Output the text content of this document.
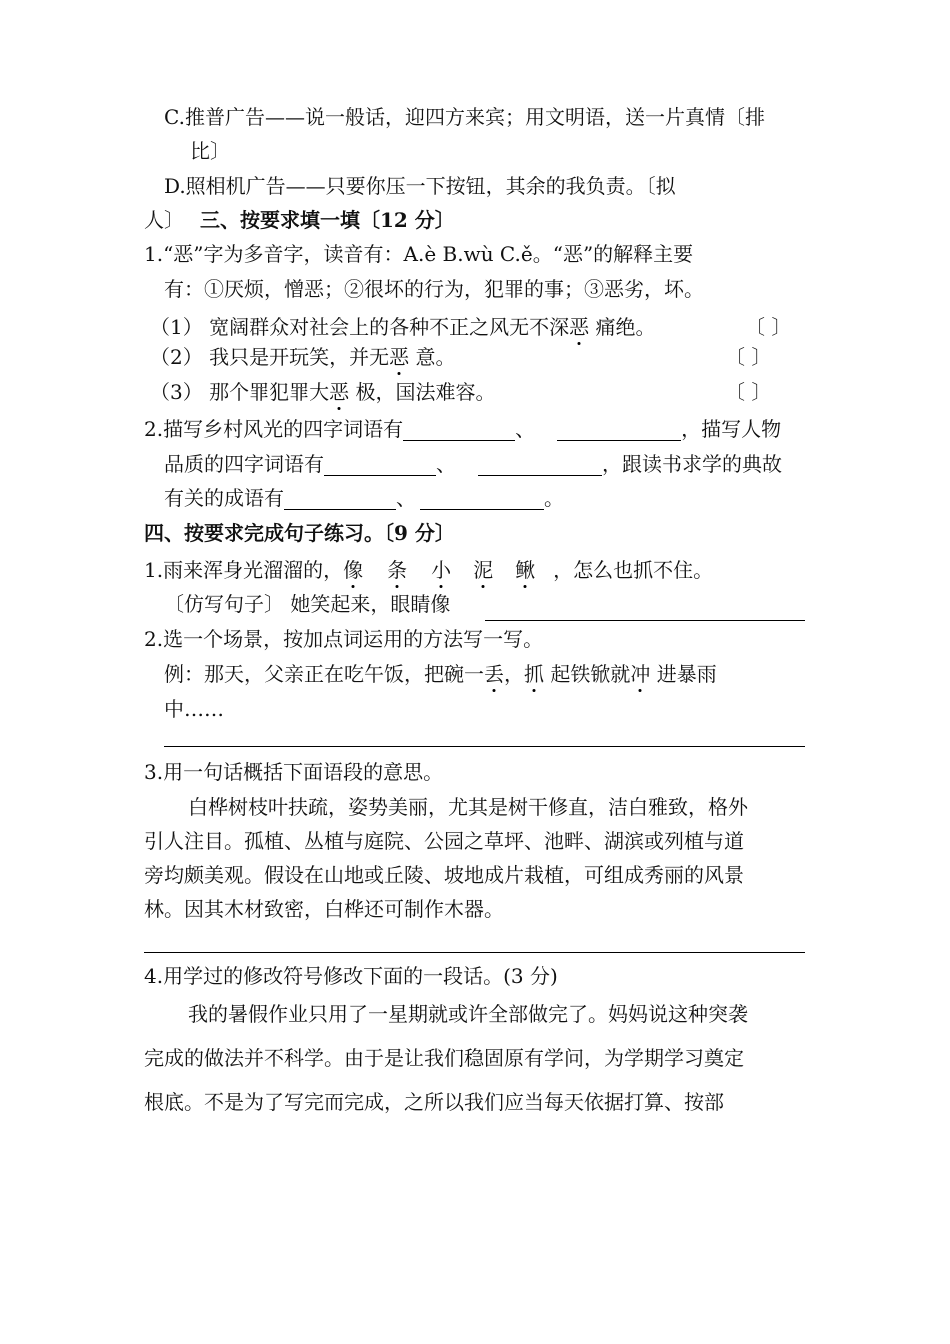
C.推普广告——说一般话，迎四方来宾；用文明语，送一片真情〔排
比〕
D.照相机广告——只要你压一下按钮，其余的我负责。〔拟
人〕 三、按要求填一填〔12 分〕
1.“恶”字为多音字，读音有：A.è B.wù C.ě。“恶”的解释主要
有：①厌烦，憎恶；②很坏的行为，犯罪的事；③恶劣，坏。
（1） 宽阔群众对社会上的各种不正之风无不深恶 痛绝。	〔 〕
（2） 我只是开玩笑，并无恶 意。	〔 〕
（3） 那个罪犯罪大恶 极，国法难容。	〔 〕
2.描写乡村风光的四字词语有	、	，描写人物
品质的四字词语有	、	，跟读书求学的典故
有关的成语有	、	。
四、按要求完成句子练习。〔9 分〕
1.雨来浑身光溜溜的，像 条 小 泥 鳅 ，怎么也抓不住。
〔仿写句子〕 她笑起来，眼睛像
2.选一个场景，按加点词运用的方法写一写。
例：那天，父亲正在吃午饭，把碗一丢，抓 起铁锨就冲 进暴雨
中……
3.用一句话概括下面语段的意思。
白桦树枝叶扶疏，姿势美丽，尤其是树干修直，洁白雅致，格外
引人注目。孤植、丛植与庭院、公园之草坪、池畔、湖滨或列植与道
旁均颇美观。假设在山地或丘陵、坡地成片栽植，可组成秀丽的风景
林。因其木材致密，白桦还可制作木器。
4.用学过的修改符号修改下面的一段话。(3 分)
我的暑假作业只用了一星期就或许全部做完了。妈妈说这种突袭
完成的做法并不科学。由于是让我们稳固原有学问，为学期学习奠定
根底。不是为了写完而完成，之所以我们应当每天依据打算、按部
